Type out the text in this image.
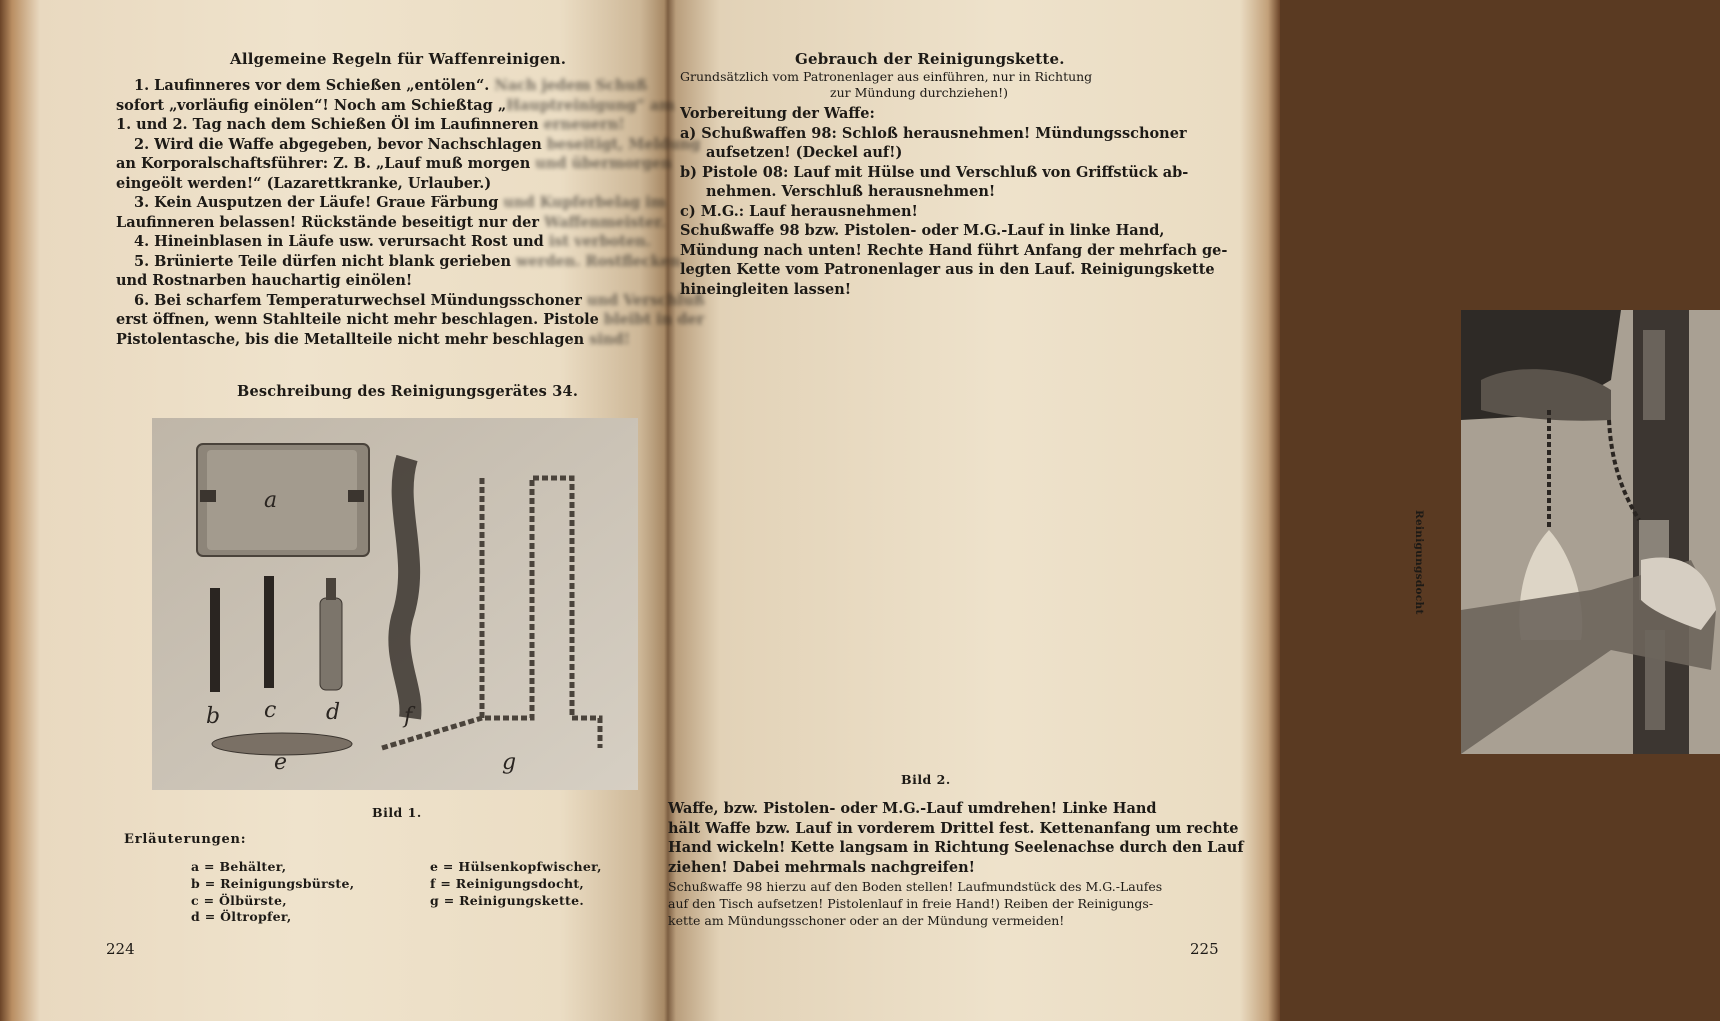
Allgemeine Regeln für Waffenreinigen.
1. Laufinneres vor dem Schießen „entölen“. Nach jedem Schuß
sofort „vorläufig einölen“! Noch am Schießtag „Hauptreinigung“ am
1. und 2. Tag nach dem Schießen Öl im Laufinneren erneuern!
2. Wird die Waffe abgegeben, bevor Nachschlagen beseitigt, Meldung
an Korporalschaftsführer: Z. B. „Lauf muß morgen und übermorgen
eingeölt werden!“ (Lazarettkranke, Urlauber.)
3. Kein Ausputzen der Läufe! Graue Färbung und Kupferbelag im
Laufinneren belassen! Rückstände beseitigt nur der Waffenmeister.
4. Hineinblasen in Läufe usw. verursacht Rost und ist verboten.
5. Brünierte Teile dürfen nicht blank gerieben werden. Rostflecken
und Rostnarben hauchartig einölen!
6. Bei scharfem Temperaturwechsel Mündungsschoner und Verschluß
erst öffnen, wenn Stahlteile nicht mehr beschlagen. Pistole bleibt in der
Pistolentasche, bis die Metallteile nicht mehr beschlagen sind!
Beschreibung des Reinigungsgerätes 34.
a
b c d
e
f
g
Bild 1.
Erläuterungen:
a = Behälter,
b = Reinigungsbürste,
c = Ölbürste,
d = Öltropfer,
e = Hülsenkopfwischer,
f = Reinigungsdocht,
g = Reinigungskette.
224
Gebrauch der Reinigungskette.
Grundsätzlich vom Patronenlager aus einführen, nur in Richtung
zur Mündung durchziehen!)
Vorbereitung der Waffe:
a) Schußwaffen 98: Schloß herausnehmen! Mündungsschoner
aufsetzen! (Deckel auf!)
b) Pistole 08: Lauf mit Hülse und Verschluß von Griffstück ab-
nehmen. Verschluß herausnehmen!
c) M.G.: Lauf herausnehmen!
Schußwaffe 98 bzw. Pistolen- oder M.G.-Lauf in linke Hand,
Mündung nach unten! Rechte Hand führt Anfang der mehrfach ge-
legten Kette vom Patronenlager aus in den Lauf. Reinigungskette
hineingleiten lassen!
Reinigungsdocht
Bild 2.
Waffe, bzw. Pistolen- oder M.G.-Lauf umdrehen! Linke Hand
hält Waffe bzw. Lauf in vorderem Drittel fest. Kettenanfang um rechte
Hand wickeln! Kette langsam in Richtung Seelenachse durch den Lauf
ziehen! Dabei mehrmals nachgreifen!
Schußwaffe 98 hierzu auf den Boden stellen! Laufmundstück des M.G.-Laufes
auf den Tisch aufsetzen! Pistolenlauf in freie Hand!) Reiben der Reinigungs-
kette am Mündungsschoner oder an der Mündung vermeiden!
225
